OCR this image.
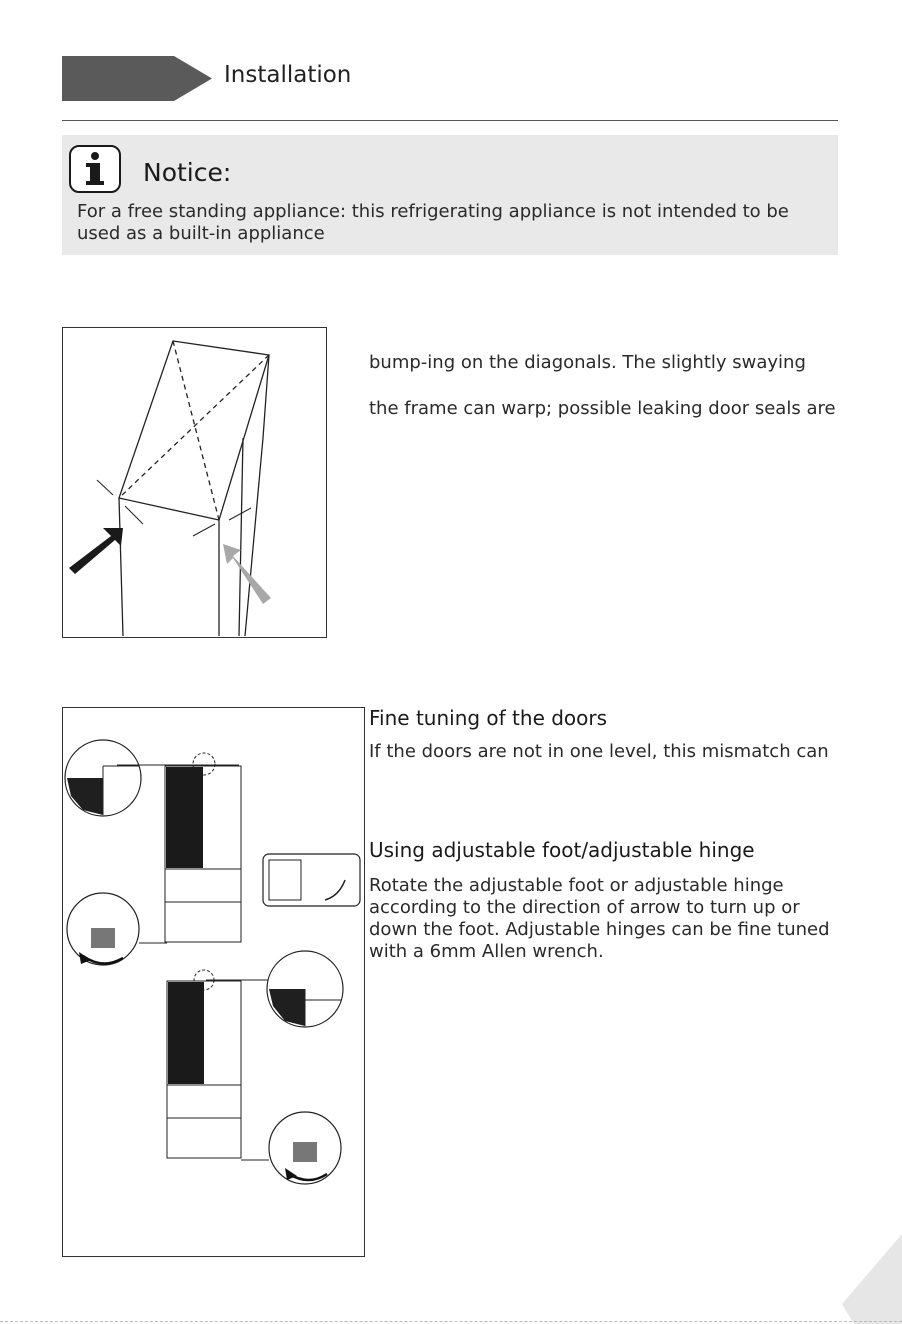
Installation
Notice:
For a free standing appliance: this refrigerating appliance is not intended to be
used as a built-in appliance
bump-ing on the diagonals. The slightly swaying
the frame can warp; possible leaking door seals are
Fine tuning of the doors
If the doors are not in one level, this mismatch can
Using adjustable foot/adjustable hinge
Rotate the adjustable foot or adjustable hinge
according to the direction of arrow to turn up or
down the foot. Adjustable hinges can be fine tuned
with a 6mm Allen wrench.
